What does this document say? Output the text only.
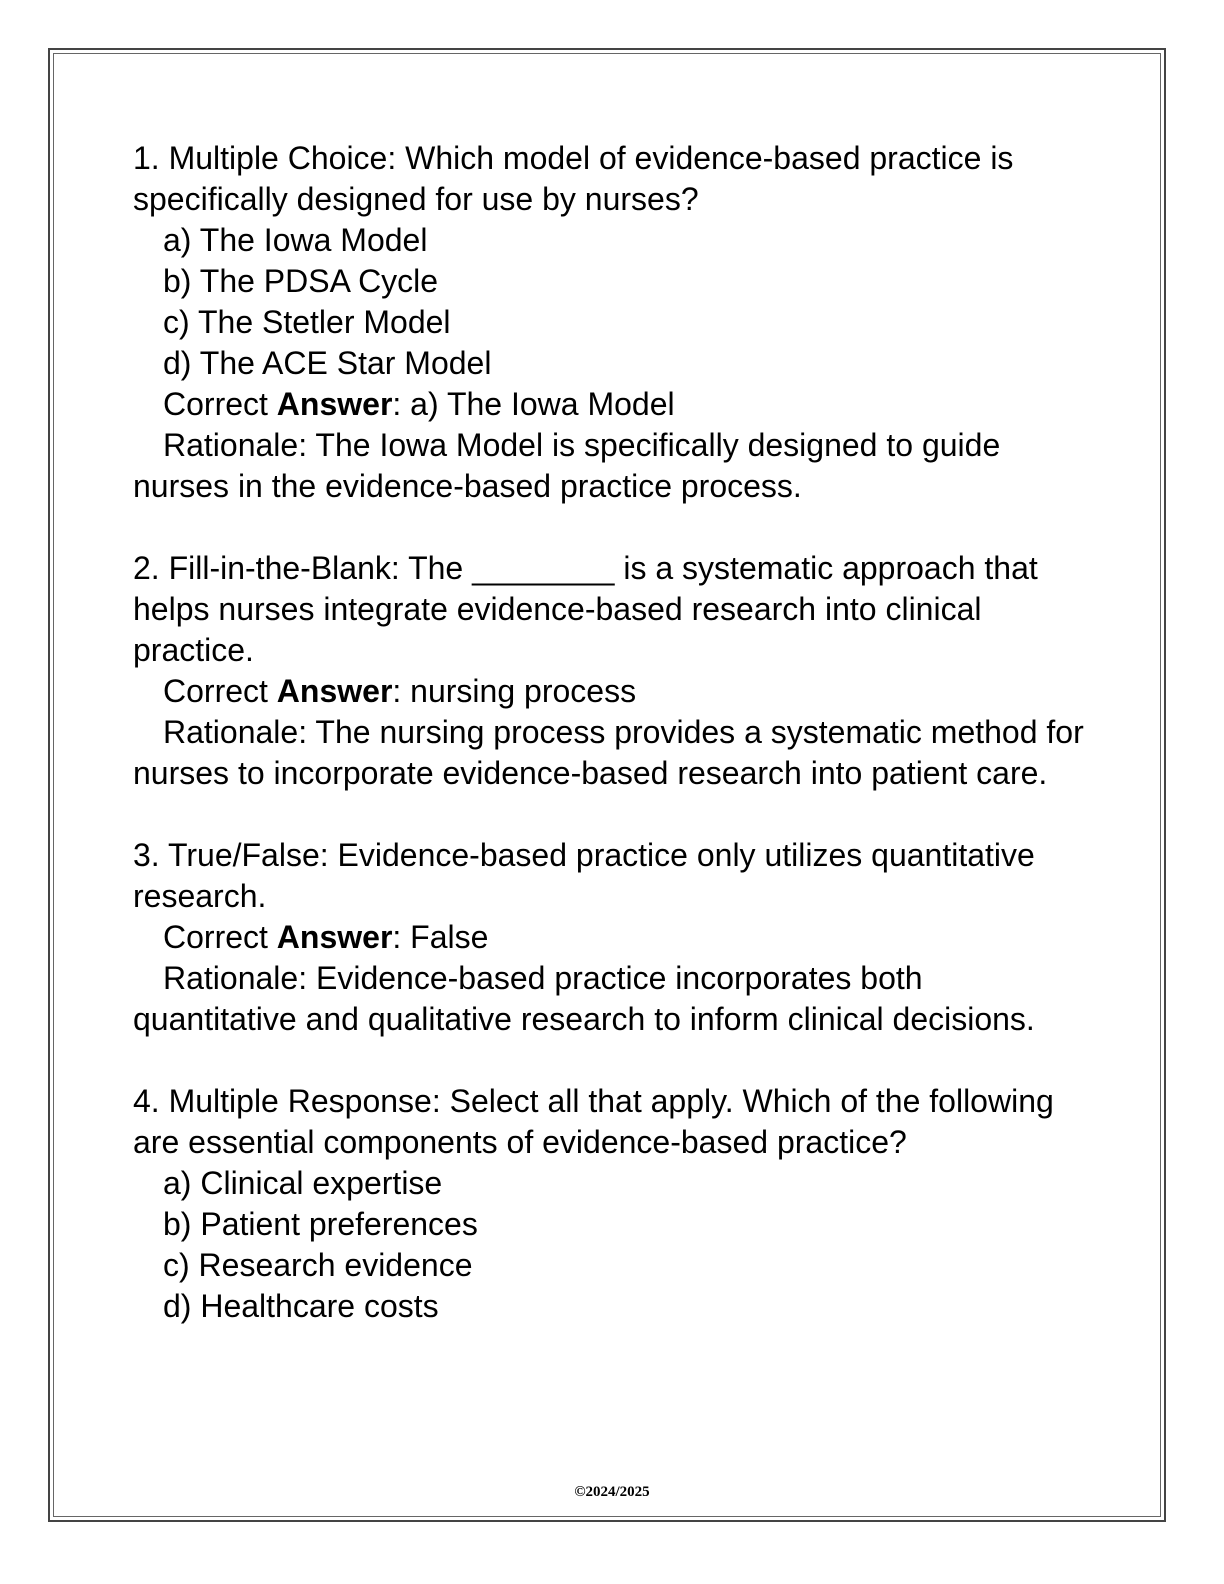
1. Multiple Choice: Which model of evidence-based practice is specifically designed for use by nurses?
a) The Iowa Model
b) The PDSA Cycle
c) The Stetler Model
d) The ACE Star Model
Correct Answer: a) The Iowa Model
Rationale: The Iowa Model is specifically designed to guide nurses in the evidence-based practice process.
2. Fill-in-the-Blank: The ________ is a systematic approach that helps nurses integrate evidence-based research into clinical practice.
Correct Answer: nursing process
Rationale: The nursing process provides a systematic method for nurses to incorporate evidence-based research into patient care.
3. True/False: Evidence-based practice only utilizes quantitative research.
Correct Answer: False
Rationale: Evidence-based practice incorporates both quantitative and qualitative research to inform clinical decisions.
4. Multiple Response: Select all that apply. Which of the following are essential components of evidence-based practice?
a) Clinical expertise
b) Patient preferences
c) Research evidence
d) Healthcare costs
©2024/2025
